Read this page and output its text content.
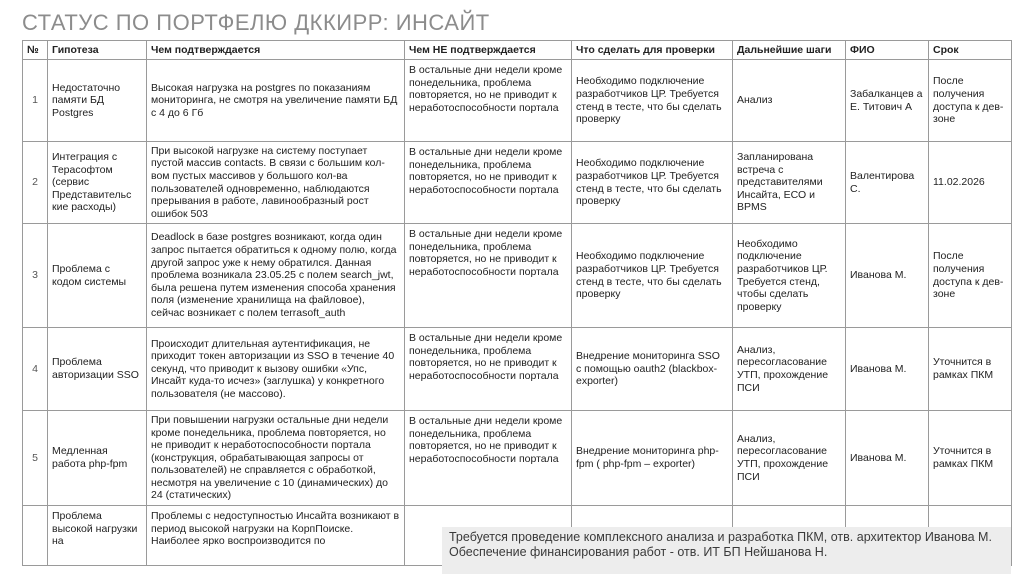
СТАТУС ПО ПОРТФЕЛЮ ДККИРР: ИНСАЙТ
№	Гипотеза	Чем подтверждается	Чем НЕ подтверждается	Что сделать для проверки	Дальнейшие шаги	ФИО	Срок
1	Недостаточно памяти БД Postgres	Высокая нагрузка на postgres по показаниям мониторинга, не смотря на увеличение памяти БД с 4 до 6 Гб	В остальные дни недели кроме понедельника, проблема повторяется, но не приводит к неработоспособности портала	Необходимо подключение разработчиков ЦР. Требуется стенд в тесте, что бы сделать проверку	Анализ	Забалканцев а Е. Титович А	После получения доступа к дев-зоне
2	Интеграция с Терасофтом (сервис Представительс кие расходы)	При высокой нагрузке на систему поступает пустой массив contacts. В связи с большим кол-вом пустых массивов у большого кол-ва пользователей одновременно, наблюдаются прерывания в работе, лавинообразный рост ошибок 503	В остальные дни недели кроме понедельника, проблема повторяется, но не приводит к неработоспособности портала	Необходимо подключение разработчиков ЦР. Требуется стенд в тесте, что бы сделать проверку	Запланирована встреча с представителями Инсайта, ЕСО и BPMS	Валентирова С.	11.02.2026
3	Проблема с кодом системы	Deadlock в базе postgres возникают, когда один запрос пытается обратиться к одному полю, когда другой запрос уже к нему обратился. Данная проблема возникала 23.05.25 с полем search_jwt, была решена путем изменения способа хранения поля (изменение хранилища на файловое), сейчас возникает с полем terrasoft_auth	В остальные дни недели кроме понедельника, проблема повторяется, но не приводит к неработоспособности портала	Необходимо подключение разработчиков ЦР. Требуется стенд в тесте, что бы сделать проверку	Необходимо подключение разработчиков ЦР. Требуется стенд, чтобы сделать проверку	Иванова М.	После получения доступа к дев-зоне
4	Проблема авторизации SSO	Происходит длительная аутентификация, не приходит токен авторизации из SSO в течение 40 секунд, что приводит к вызову ошибки «Упс, Инсайт куда-то исчез» (заглушка) у конкретного пользователя (не массово).	В остальные дни недели кроме понедельника, проблема повторяется, но не приводит к неработоспособности портала	Внедрение мониторинга SSO с помощью oauth2 (blackbox-exporter)	Анализ, пересогласование УТП, прохождение ПСИ	Иванова М.	Уточнится в рамках ПКМ
5	Медленная работа php-fpm	При повышении нагрузки остальные дни недели кроме понедельника, проблема повторяется, но не приводит к неработоспособности портала (конструкция, обрабатывающая запросы от пользователей) не справляется с обработкой, несмотря на увеличение с 10 (динамических) до 24 (статических)	В остальные дни недели кроме понедельника, проблема повторяется, но не приводит к неработоспособности портала	Внедрение мониторинга php-fpm ( php-fpm – exporter)	Анализ, пересогласование УТП, прохождение ПСИ	Иванова М.	Уточнится в рамках ПКМ
	Проблема высокой нагрузки на	Проблемы с недоступностью Инсайта возникают в период высокой нагрузки на КорпПоиске. Наиболее ярко воспроизводится по						Требуется проведение комплексного анализа и разработка ПКМ, отв. архитектор Иванова М.
Обеспечение финансирования работ - отв. ИТ БП Нейшанова Н.
